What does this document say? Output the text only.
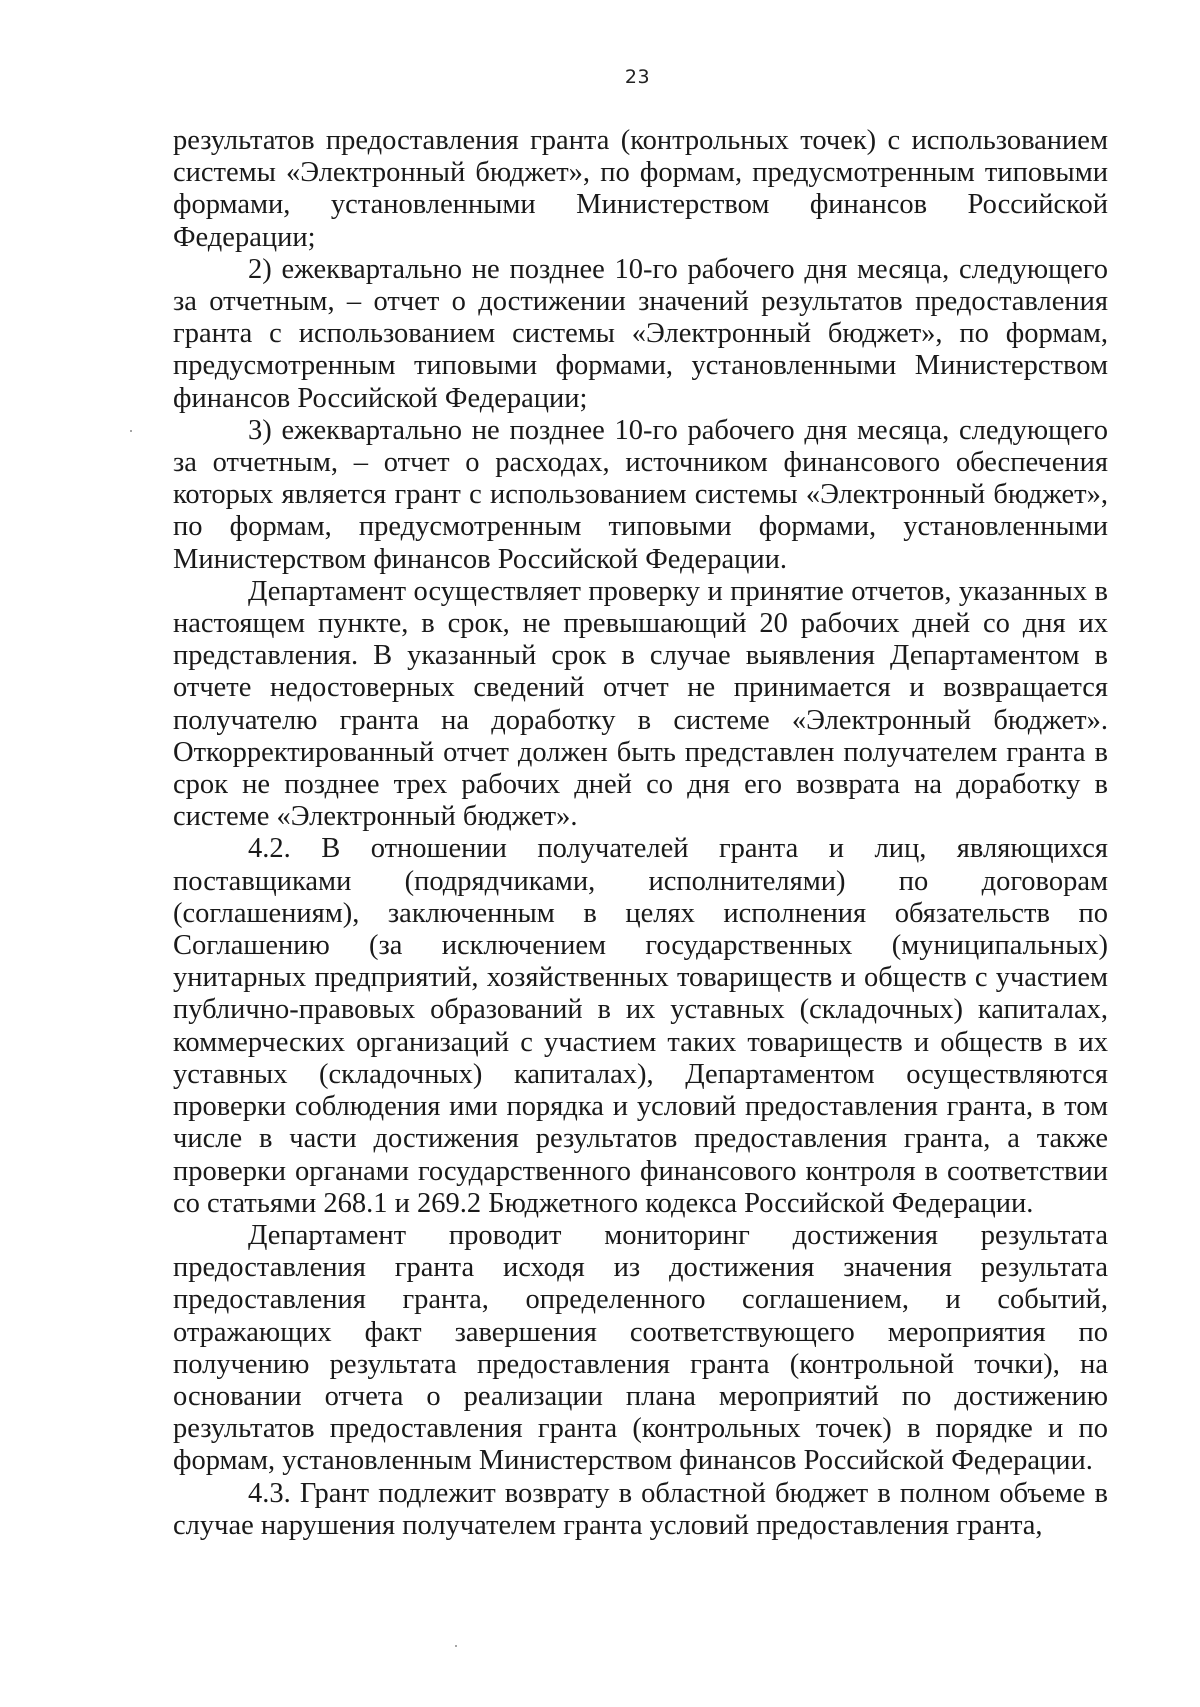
23

результатов предоставления гранта (контрольных точек) с использованием системы «Электронный бюджет», по формам, предусмотренным типовыми формами, установленными Министерством финансов Российской Федерации;

2) ежеквартально не позднее 10-го рабочего дня месяца, следующего за отчетным, – отчет о достижении значений результатов предоставления гранта с использованием системы «Электронный бюджет», по формам, предусмотренным типовыми формами, установленными Министерством финансов Российской Федерации;

3) ежеквартально не позднее 10-го рабочего дня месяца, следующего за отчетным, – отчет о расходах, источником финансового обеспечения которых является грант с использованием системы «Электронный бюджет», по формам, предусмотренным типовыми формами, установленными Министерством финансов Российской Федерации.

Департамент осуществляет проверку и принятие отчетов, указанных в настоящем пункте, в срок, не превышающий 20 рабочих дней со дня их представления. В указанный срок в случае выявления Департаментом в отчете недостоверных сведений отчет не принимается и возвращается получателю гранта на доработку в системе «Электронный бюджет». Откорректированный отчет должен быть представлен получателем гранта в срок не позднее трех рабочих дней со дня его возврата на доработку в системе «Электронный бюджет».

4.2. В отношении получателей гранта и лиц, являющихся поставщиками (подрядчиками, исполнителями) по договорам (соглашениям), заключенным в целях исполнения обязательств по Соглашению (за исключением государственных (муниципальных) унитарных предприятий, хозяйственных товариществ и обществ с участием публично-правовых образований в их уставных (складочных) капиталах, коммерческих организаций с участием таких товариществ и обществ в их уставных (складочных) капиталах), Департаментом осуществляются проверки соблюдения ими порядка и условий предоставления гранта, в том числе в части достижения результатов предоставления гранта, а также проверки органами государственного финансового контроля в соответствии со статьями 268.1 и 269.2 Бюджетного кодекса Российской Федерации.

Департамент проводит мониторинг достижения результата предоставления гранта исходя из достижения значения результата предоставления гранта, определенного соглашением, и событий, отражающих факт завершения соответствующего мероприятия по получению результата предоставления гранта (контрольной точки), на основании отчета о реализации плана мероприятий по достижению результатов предоставления гранта (контрольных точек) в порядке и по формам, установленным Министерством финансов Российской Федерации.

4.3. Грант подлежит возврату в областной бюджет в полном объеме в случае нарушения получателем гранта условий предоставления гранта,
